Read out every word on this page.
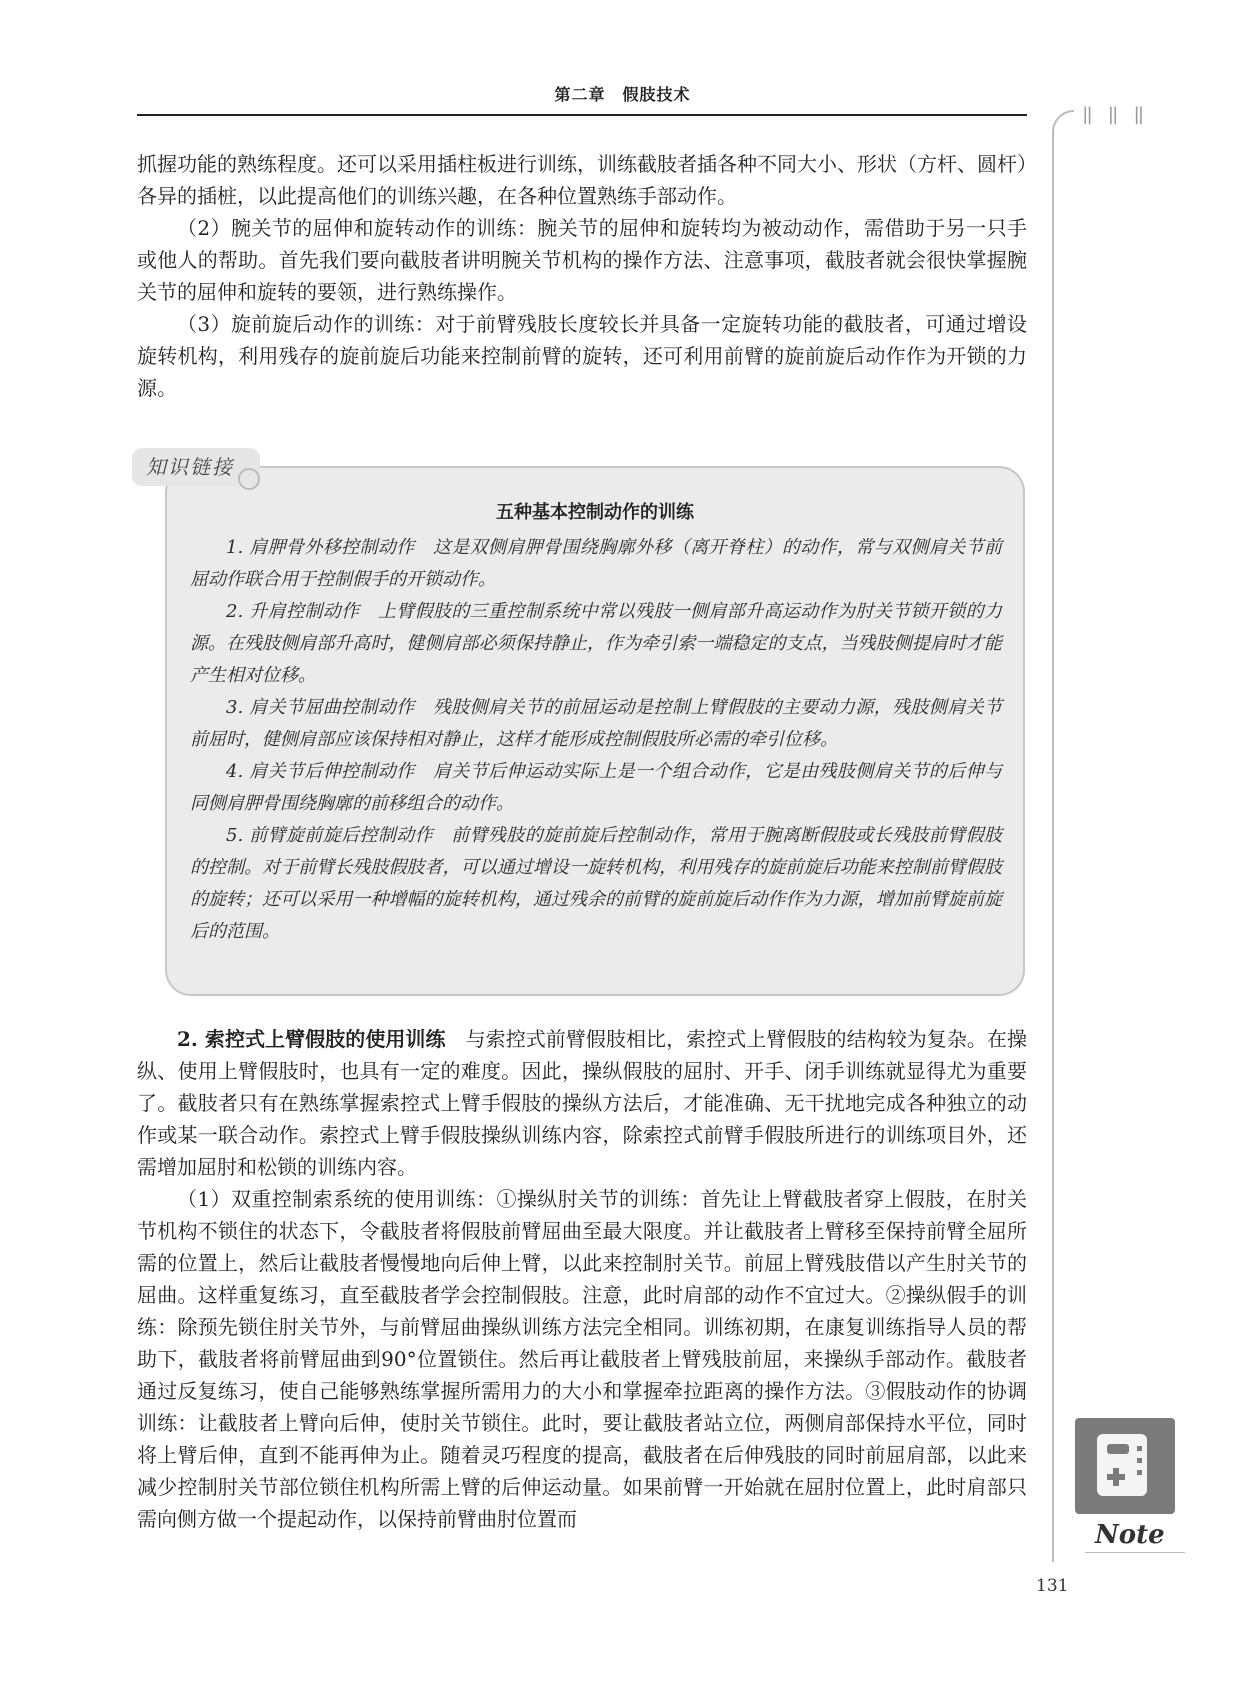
第二章　假肢技术
‖ ‖ ‖

抓握功能的熟练程度。还可以采用插柱板进行训练，训练截肢者插各种不同大小、形状（方杆、圆杆）各异的插桩，以此提高他们的训练兴趣，在各种位置熟练手部动作。

（2）腕关节的屈伸和旋转动作的训练：腕关节的屈伸和旋转均为被动动作，需借助于另一只手或他人的帮助。首先我们要向截肢者讲明腕关节机构的操作方法、注意事项，截肢者就会很快掌握腕关节的屈伸和旋转的要领，进行熟练操作。

（3）旋前旋后动作的训练：对于前臂残肢长度较长并具备一定旋转功能的截肢者，可通过增设旋转机构，利用残存的旋前旋后功能来控制前臂的旋转，还可利用前臂的旋前旋后动作作为开锁的力源。

知识链接
五种基本控制动作的训练

1. 肩胛骨外移控制动作　这是双侧肩胛骨围绕胸廓外移（离开脊柱）的动作，常与双侧肩关节前屈动作联合用于控制假手的开锁动作。

2. 升肩控制动作　上臂假肢的三重控制系统中常以残肢一侧肩部升高运动作为肘关节锁开锁的力源。在残肢侧肩部升高时，健侧肩部必须保持静止，作为牵引索一端稳定的支点，当残肢侧提肩时才能产生相对位移。

3. 肩关节屈曲控制动作　残肢侧肩关节的前屈运动是控制上臂假肢的主要动力源，残肢侧肩关节前屈时，健侧肩部应该保持相对静止，这样才能形成控制假肢所必需的牵引位移。

4. 肩关节后伸控制动作　肩关节后伸运动实际上是一个组合动作，它是由残肢侧肩关节的后伸与同侧肩胛骨围绕胸廓的前移组合的动作。

5. 前臂旋前旋后控制动作　前臂残肢的旋前旋后控制动作，常用于腕离断假肢或长残肢前臂假肢的控制。对于前臂长残肢假肢者，可以通过增设一旋转机构，利用残存的旋前旋后功能来控制前臂假肢的旋转；还可以采用一种增幅的旋转机构，通过残余的前臂的旋前旋后动作作为力源，增加前臂旋前旋后的范围。

2. 索控式上臂假肢的使用训练　与索控式前臂假肢相比，索控式上臂假肢的结构较为复杂。在操纵、使用上臂假肢时，也具有一定的难度。因此，操纵假肢的屈肘、开手、闭手训练就显得尤为重要了。截肢者只有在熟练掌握索控式上臂手假肢的操纵方法后，才能准确、无干扰地完成各种独立的动作或某一联合动作。索控式上臂手假肢操纵训练内容，除索控式前臂手假肢所进行的训练项目外，还需增加屈肘和松锁的训练内容。

（1）双重控制索系统的使用训练：①操纵肘关节的训练：首先让上臂截肢者穿上假肢，在肘关节机构不锁住的状态下，令截肢者将假肢前臂屈曲至最大限度。并让截肢者上臂移至保持前臂全屈所需的位置上，然后让截肢者慢慢地向后伸上臂，以此来控制肘关节。前屈上臂残肢借以产生肘关节的屈曲。这样重复练习，直至截肢者学会控制假肢。注意，此时肩部的动作不宜过大。②操纵假手的训练：除预先锁住肘关节外，与前臂屈曲操纵训练方法完全相同。训练初期，在康复训练指导人员的帮助下，截肢者将前臂屈曲到90°位置锁住。然后再让截肢者上臂残肢前屈，来操纵手部动作。截肢者通过反复练习，使自己能够熟练掌握所需用力的大小和掌握牵拉距离的操作方法。③假肢动作的协调训练：让截肢者上臂向后伸，使肘关节锁住。此时，要让截肢者站立位，两侧肩部保持水平位，同时将上臂后伸，直到不能再伸为止。随着灵巧程度的提高，截肢者在后伸残肢的同时前屈肩部，以此来减少控制肘关节部位锁住机构所需上臂的后伸运动量。如果前臂一开始就在屈肘位置上，此时肩部只需向侧方做一个提起动作，以保持前臂曲肘位置而

Note
131
